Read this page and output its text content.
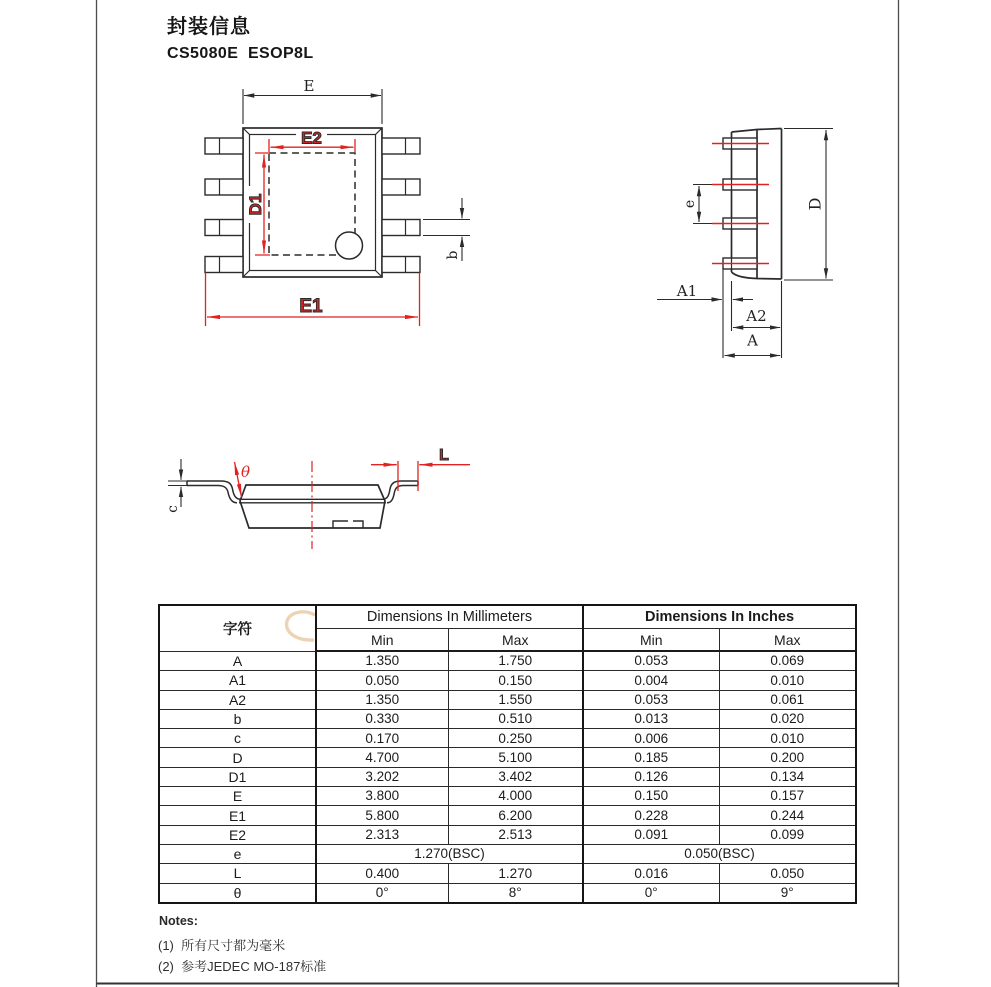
E
b
E2
D1
E1
e	D
A1
A2
A
c
θ
L
封装信息
CS5080E  ESOP8L
字符	Dimensions In Millimeters		Dimensions In Inches	
	Min	Max	Min	Max
A	1.350	1.750	0.053	0.069
A1	0.050	0.150	0.004	0.010
A2	1.350	1.550	0.053	0.061
b	0.330	0.510	0.013	0.020
c	0.170	0.250	0.006	0.010
D	4.700	5.100	0.185	0.200
D1	3.202	3.402	0.126	0.134
E	3.800	4.000	0.150	0.157
E1	5.800	6.200	0.228	0.244
E2	2.313	2.513	0.091	0.099
e	1.270(BSC)		0.050(BSC)	
L	0.400	1.270	0.016	0.050
θ	0°	8°	0°	9°
Notes:
(1)  所有尺寸都为毫米
(2)  参考JEDEC MO-187标准
